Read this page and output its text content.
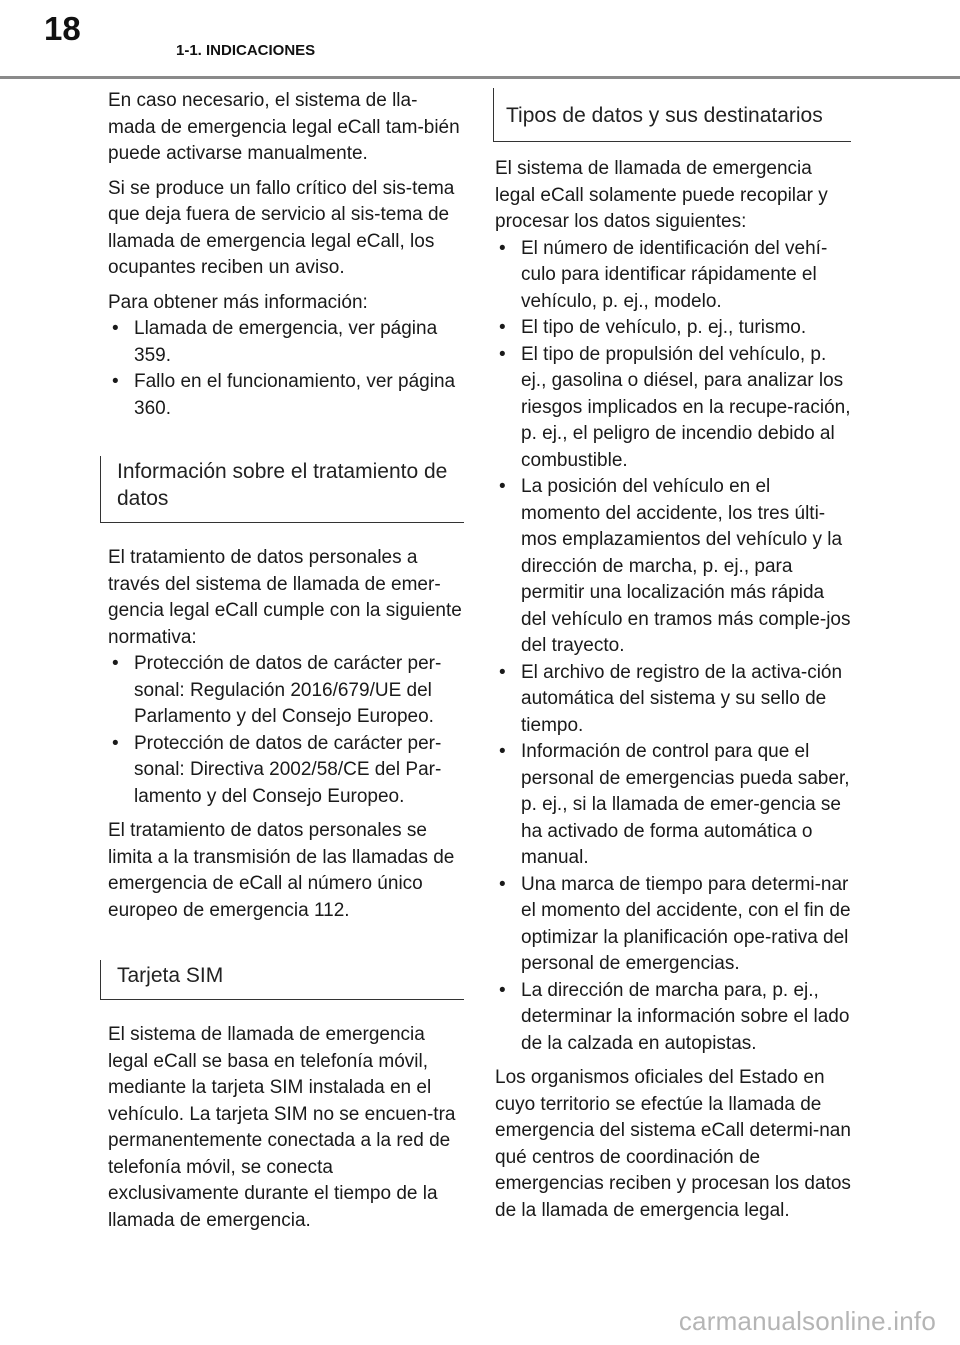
18
1-1. INDICACIONES

En caso necesario, el sistema de lla-mada de emergencia legal eCall tam-bién puede activarse manualmente.

Si se produce un fallo crítico del sis-tema que deja fuera de servicio al sis-tema de llamada de emergencia legal eCall, los ocupantes reciben un aviso.

Para obtener más información:

• Llamada de emergencia, ver página 359.
• Fallo en el funcionamiento, ver página 360.
Información sobre el tratamiento de datos

El tratamiento de datos personales a través del sistema de llamada de emer-gencia legal eCall cumple con la siguiente normativa:

• Protección de datos de carácter per-sonal: Regulación 2016/679/UE del Parlamento y del Consejo Europeo.
• Protección de datos de carácter per-sonal: Directiva 2002/58/CE del Par-lamento y del Consejo Europeo.

El tratamiento de datos personales se limita a la transmisión de las llamadas de emergencia de eCall al número único europeo de emergencia 112.

Tarjeta SIM

El sistema de llamada de emergencia legal eCall se basa en telefonía móvil, mediante la tarjeta SIM instalada en el vehículo. La tarjeta SIM no se encuen-tra permanentemente conectada a la red de telefonía móvil, se conecta exclusivamente durante el tiempo de la llamada de emergencia.

Tipos de datos y sus destinatarios

El sistema de llamada de emergencia legal eCall solamente puede recopilar y procesar los datos siguientes:

• El número de identificación del vehí-culo para identificar rápidamente el vehículo, p. ej., modelo.
• El tipo de vehículo, p. ej., turismo.
• El tipo de propulsión del vehículo, p. ej., gasolina o diésel, para analizar los riesgos implicados en la recupe-ración, p. ej., el peligro de incendio debido al combustible.
• La posición del vehículo en el momento del accidente, los tres últi-mos emplazamientos del vehículo y la dirección de marcha, p. ej., para permitir una localización más rápida del vehículo en tramos más comple-jos del trayecto.
• El archivo de registro de la activa-ción automática del sistema y su sello de tiempo.
• Información de control para que el personal de emergencias pueda saber, p. ej., si la llamada de emer-gencia se ha activado de forma automática o manual.
• Una marca de tiempo para determi-nar el momento del accidente, con el fin de optimizar la planificación ope-rativa del personal de emergencias.
• La dirección de marcha para, p. ej., determinar la información sobre el lado de la calzada en autopistas.

Los organismos oficiales del Estado en cuyo territorio se efectúe la llamada de emergencia del sistema eCall determi-nan qué centros de coordinación de emergencias reciben y procesan los datos de la llamada de emergencia legal.

carmanualsonline.info
